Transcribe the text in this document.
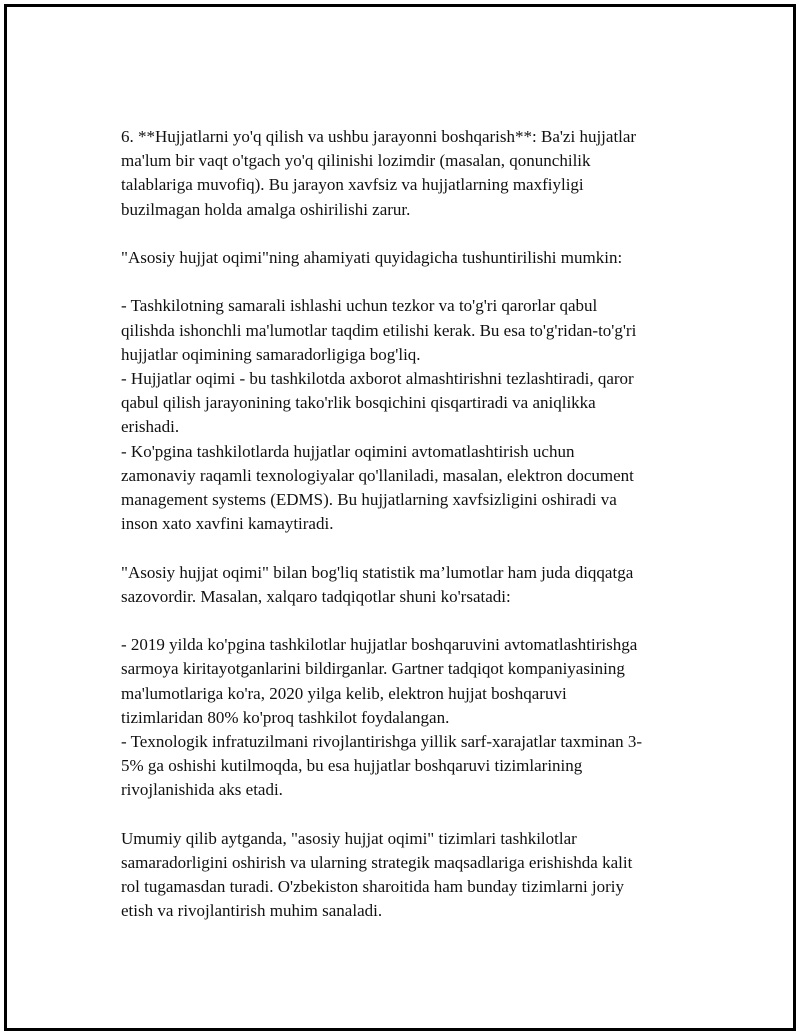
6. **Hujjatlarni yo'q qilish va ushbu jarayonni boshqarish**: Ba'zi hujjatlar
ma'lum bir vaqt o'tgach yo'q qilinishi lozimdir (masalan, qonunchilik
talablariga muvofiq). Bu jarayon xavfsiz va hujjatlarning maxfiyligi
buzilmagan holda amalga oshirilishi zarur.

"Asosiy hujjat oqimi"ning ahamiyati quyidagicha tushuntirilishi mumkin:

- Tashkilotning samarali ishlashi uchun tezkor va to'g'ri qarorlar qabul
qilishda ishonchli ma'lumotlar taqdim etilishi kerak. Bu esa to'g'ridan-to'g'ri
hujjatlar oqimining samaradorligiga bog'liq.
- Hujjatlar oqimi - bu tashkilotda axborot almashtirishni tezlashtiradi, qaror
qabul qilish jarayonining tako'rlik bosqichini qisqartiradi va aniqlikka
erishadi.
- Ko'pgina tashkilotlarda hujjatlar oqimini avtomatlashtirish uchun
zamonaviy raqamli texnologiyalar qo'llaniladi, masalan, elektron document
management systems (EDMS). Bu hujjatlarning xavfsizligini oshiradi va
inson xato xavfini kamaytiradi.

"Asosiy hujjat oqimi" bilan bog'liq statistik ma’lumotlar ham juda diqqatga
sazovordir. Masalan, xalqaro tadqiqotlar shuni ko'rsatadi:

- 2019 yilda ko'pgina tashkilotlar hujjatlar boshqaruvini avtomatlashtirishga
sarmoya kiritayotganlarini bildirganlar. Gartner tadqiqot kompaniyasining
ma'lumotlariga ko'ra, 2020 yilga kelib, elektron hujjat boshqaruvi
tizimlaridan 80% ko'proq tashkilot foydalangan.
- Texnologik infratuzilmani rivojlantirishga yillik sarf-xarajatlar taxminan 3-
5% ga oshishi kutilmoqda, bu esa hujjatlar boshqaruvi tizimlarining
rivojlanishida aks etadi.

Umumiy qilib aytganda, "asosiy hujjat oqimi" tizimlari tashkilotlar
samaradorligini oshirish va ularning strategik maqsadlariga erishishda kalit
rol tugamasdan turadi. O'zbekiston sharoitida ham bunday tizimlarni joriy
etish va rivojlantirish muhim sanaladi.
